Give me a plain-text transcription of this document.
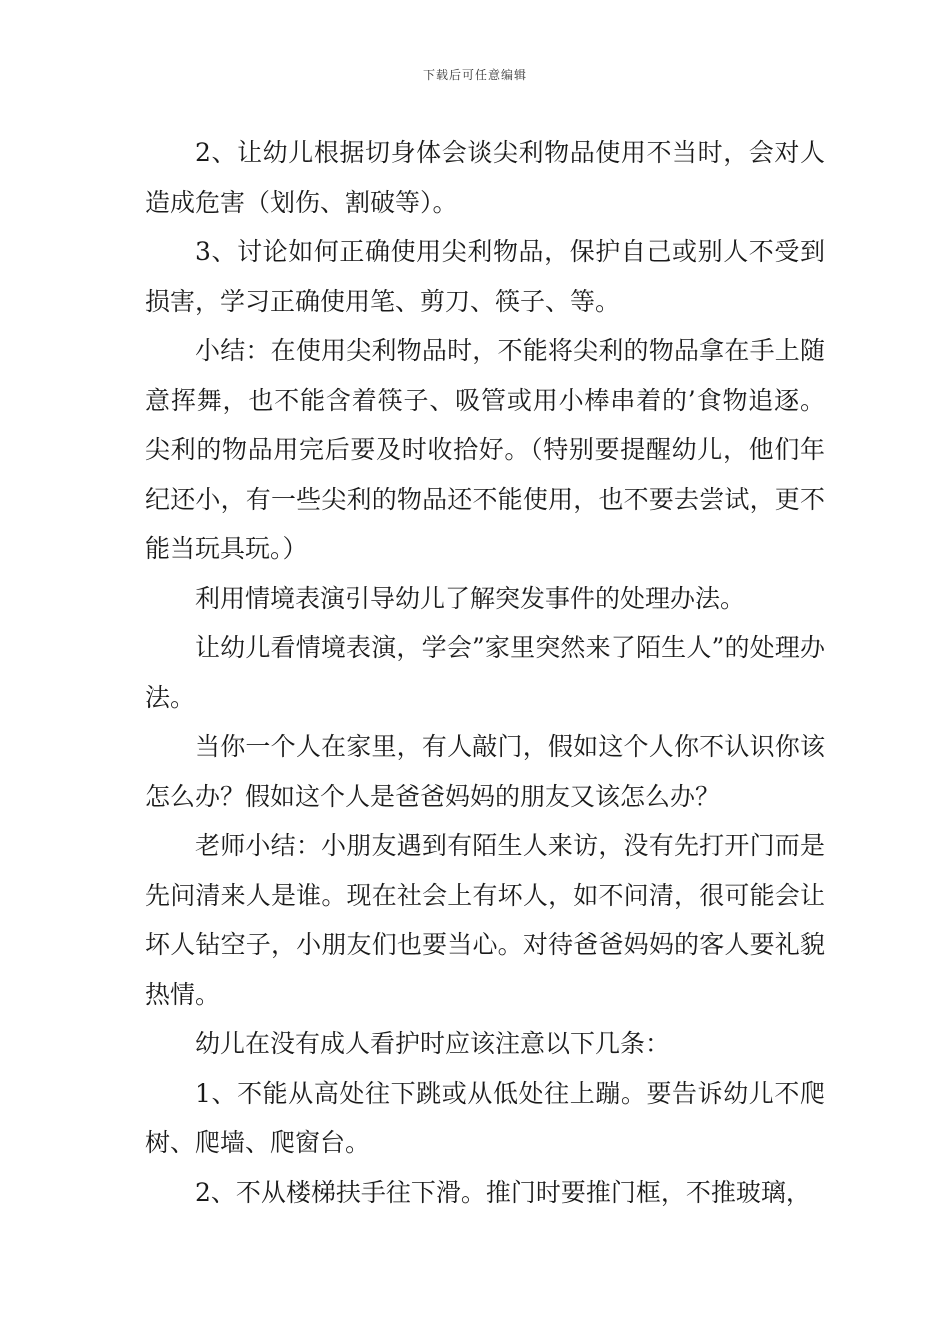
下载后可任意编辑

2、让幼儿根据切身体会谈尖利物品使用不当时，会对人造成危害（划伤、割破等）。

3、讨论如何正确使用尖利物品，保护自己或别人不受到损害，学习正确使用笔、剪刀、筷子、等。

小结：在使用尖利物品时，不能将尖利的物品拿在手上随意挥舞，也不能含着筷子、吸管或用小棒串着的’食物追逐。尖利的物品用完后要及时收拾好。（特别要提醒幼儿，他们年纪还小，有一些尖利的物品还不能使用，也不要去尝试，更不能当玩具玩。）

利用情境表演引导幼儿了解突发事件的处理办法。

让幼儿看情境表演，学会”家里突然来了陌生人”的处理办法。

当你一个人在家里，有人敲门，假如这个人你不认识你该怎么办？假如这个人是爸爸妈妈的朋友又该怎么办？

老师小结：小朋友遇到有陌生人来访，没有先打开门而是先问清来人是谁。现在社会上有坏人，如不问清，很可能会让坏人钻空子，小朋友们也要当心。对待爸爸妈妈的客人要礼貌热情。

幼儿在没有成人看护时应该注意以下几条：

1、不能从高处往下跳或从低处往上蹦。要告诉幼儿不爬树、爬墙、爬窗台。

2、不从楼梯扶手往下滑。推门时要推门框，不推玻璃，
